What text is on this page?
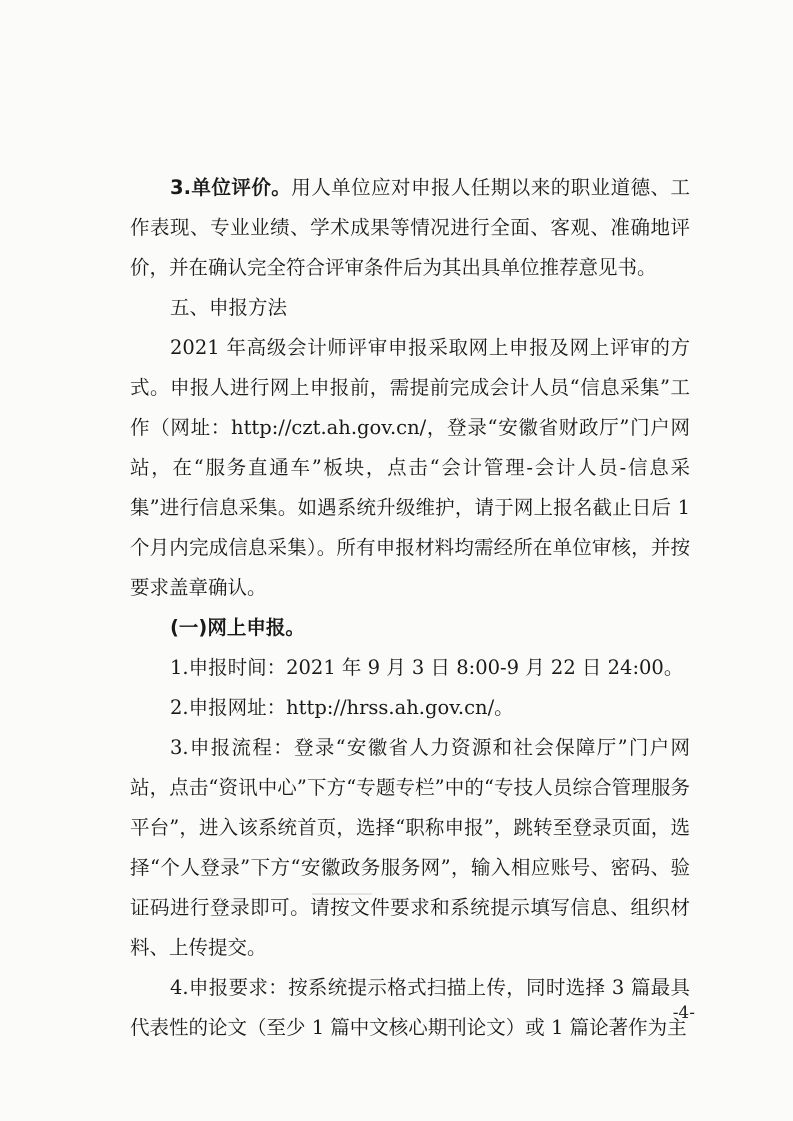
3.单位评价。用人单位应对申报人任期以来的职业道德、工作表现、专业业绩、学术成果等情况进行全面、客观、准确地评价，并在确认完全符合评审条件后为其出具单位推荐意见书。

五、申报方法

2021 年高级会计师评审申报采取网上申报及网上评审的方式。申报人进行网上申报前，需提前完成会计人员“信息采集”工作（网址：http://czt.ah.gov.cn/，登录“安徽省财政厅”门户网站，在“服务直通车”板块，点击“会计管理-会计人员-信息采集”进行信息采集。如遇系统升级维护，请于网上报名截止日后 1 个月内完成信息采集）。所有申报材料均需经所在单位审核，并按要求盖章确认。

(一)网上申报。

1.申报时间：2021 年 9 月 3 日 8:00-9 月 22 日 24:00。

2.申报网址：http://hrss.ah.gov.cn/。

3.申报流程：登录“安徽省人力资源和社会保障厅”门户网站，点击“资讯中心”下方“专题专栏”中的“专技人员综合管理服务平台”，进入该系统首页，选择“职称申报”，跳转至登录页面，选择“个人登录”下方“安徽政务服务网”，输入相应账号、密码、验证码进行登录即可。请按文件要求和系统提示填写信息、组织材料、上传提交。

4.申报要求：按系统提示格式扫描上传，同时选择 3 篇最具代表性的论文（至少 1 篇中文核心期刊论文）或 1 篇论著作为主

-4-
